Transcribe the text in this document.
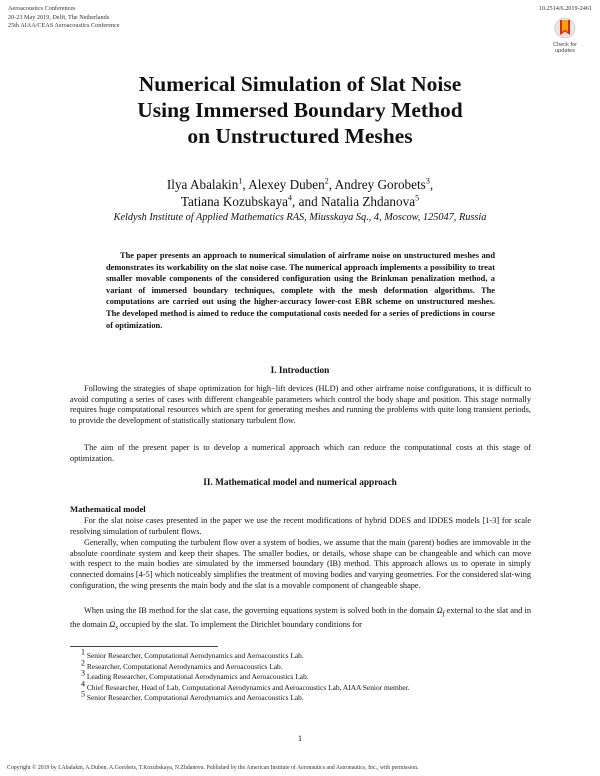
Aeroacoustics Conferences
20-23 May 2019, Delft, The Netherlands
25th AIAA/CEAS Aeroacoustics Conference
10.2514/6.2019-2461
Check for
updates
Numerical Simulation of Slat Noise
Using Immersed Boundary Method
on Unstructured Meshes
Ilya Abalakin$^1$, Alexey Duben$^2$, Andrey Gorobets$^3$,
Tatiana Kozubskaya$^4$, and Natalia Zhdanova$^5$
Keldysh Institute of Applied Mathematics RAS, Miusskaya Sq., 4, Moscow, 125047, Russia
The paper presents an approach to numerical simulation of airframe noise on unstructured meshes and demonstrates its workability on the slat noise case. The numerical approach implements a possibility to treat smaller movable components of the considered configuration using the Brinkman penalization method, a variant of immersed boundary techniques, complete with the mesh deformation algorithms. The computations are carried out using the higher-accuracy lower-cost EBR scheme on unstructured meshes. The developed method is aimed to reduce the computational costs needed for a series of predictions in course of optimization.
I. Introduction

Following the strategies of shape optimization for high−lift devices (HLD) and other airframe noise configurations, it is difficult to avoid computing a series of cases with different changeable parameters which control the body shape and position. This stage normally requires huge computational resources which are spent for generating meshes and running the problems with quite long transient periods, to provide the development of statistically stationary turbulent flow.

The aim of the present paper is to develop a numerical approach which can reduce the computational costs at this stage of optimization.

II. Mathematical model and numerical approach
Mathematical model

For the slat noise cases presented in the paper we use the recent modifications of hybrid DDES and IDDES models [1-3] for scale resolving simulation of turbulent flows.

Generally, when computing the turbulent flow over a system of bodies, we assume that the main (parent) bodies are immovable in the absolute coordinate system and keep their shapes. The smaller bodies, or details, whose shape can be changeable and which can move with respect to the main bodies are simulated by the immersed boundary (IB) method. This approach allows us to operate in simply connected domains [4-5] which noticeably simplifies the treatment of moving bodies and varying geometries. For the considered slat-wing configuration, the wing presents the main body and the slat is a movable component of changeable shape.

When using the IB method for the slat case, the governing equations system is solved both in the domain $\Omega_f$ external to the slat and in the domain $\Omega_s$ occupied by the slat. To implement the Dirichlet boundary conditions for

$^1$ Senior Researcher, Computational Aerodynamics and Aeroacoustics Lab.
$^2$ Researcher, Computational Aerodynamics and Aeroacoustics Lab.
$^3$ Leading Researcher, Computational Aerodynamics and Aeroacoustics Lab.
$^4$ Chief Researcher, Head of Lab, Computational Aerodynamics and Aeroacoustics Lab, AIAA Senior member.
$^5$ Senior Researcher, Computational Aerodynamics and Aeroacoustics Lab.
1
Copyright © 2019 by I.Abalakin, A.Duben, A.Gorobets, T.Kozubskaya, N.Zhdanova. Published by the American Institute of Aeronautics and Astronautics, Inc., with permission.
